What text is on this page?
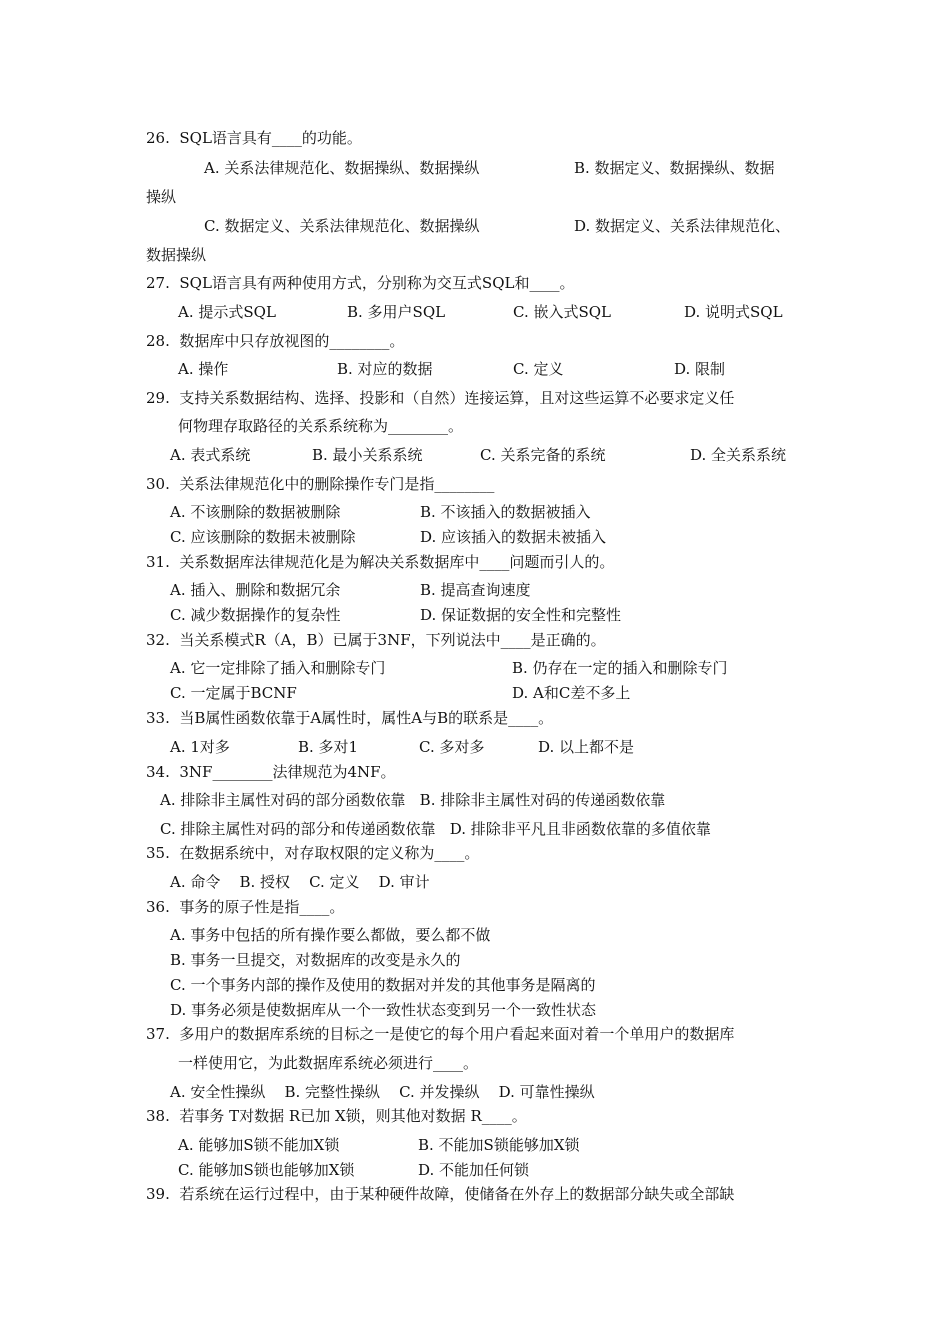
26.  SQL语言具有____的功能。
A. 关系法律规范化、数据操纵、数据操纵	B. 数据定义、数据操纵、数据
操纵
C. 数据定义、关系法律规范化、数据操纵	D. 数据定义、关系法律规范化、
数据操纵
27.  SQL语言具有两种使用方式，分别称为交互式SQL和____。
A. 提示式SQL	B. 多用户SQL	C. 嵌入式SQL	D. 说明式SQL
28.  数据库中只存放视图的________。
A. 操作	B. 对应的数据	C. 定义	D. 限制
29.  支持关系数据结构、选择、投影和（自然）连接运算，且对这些运算不必要求定义任
何物理存取路径的关系系统称为________。
A. 表式系统	B. 最小关系系统	C. 关系完备的系统	D. 全关系系统
30.  关系法律规范化中的删除操作专门是指________
A. 不该删除的数据被删除	B. 不该插入的数据被插入
C. 应该删除的数据未被删除	D. 应该插入的数据未被插入
31.  关系数据库法律规范化是为解决关系数据库中____问题而引人的。
A. 插入、删除和数据冗余	B. 提高查询速度
C. 减少数据操作的复杂性	D. 保证数据的安全性和完整性
32.  当关系模式R（A，B）已属于3NF，下列说法中____是正确的。
A. 它一定排除了插入和删除专门	B. 仍存在一定的插入和删除专门
C. 一定属于BCNF	D. A和C差不多上
33.  当B属性函数依靠于A属性时，属性A与B的联系是____。
A. 1对多	B. 多对1	C. 多对多	D. 以上都不是
34.  3NF________法律规范为4NF。
A. 排除非主属性对码的部分函数依靠   B. 排除非主属性对码的传递函数依靠
C. 排除主属性对码的部分和传递函数依靠   D. 排除非平凡且非函数依靠的多值依靠
35.  在数据系统中，对存取权限的定义称为____。
A. 命令    B. 授权    C. 定义    D. 审计
36.  事务的原子性是指____。
A. 事务中包括的所有操作要么都做，要么都不做
B. 事务一旦提交，对数据库的改变是永久的
C. 一个事务内部的操作及使用的数据对并发的其他事务是隔离的
D. 事务必须是使数据库从一个一致性状态变到另一个一致性状态
37.  多用户的数据库系统的目标之一是使它的每个用户看起来面对着一个单用户的数据库
一样使用它，为此数据库系统必须进行____。
A. 安全性操纵    B. 完整性操纵    C. 并发操纵    D. 可靠性操纵
38.  若事务 T对数据 R已加 X锁，则其他对数据 R____。
A. 能够加S锁不能加X锁	B. 不能加S锁能够加X锁
C. 能够加S锁也能够加X锁	D. 不能加任何锁
39.  若系统在运行过程中，由于某种硬件故障，使储备在外存上的数据部分缺失或全部缺
